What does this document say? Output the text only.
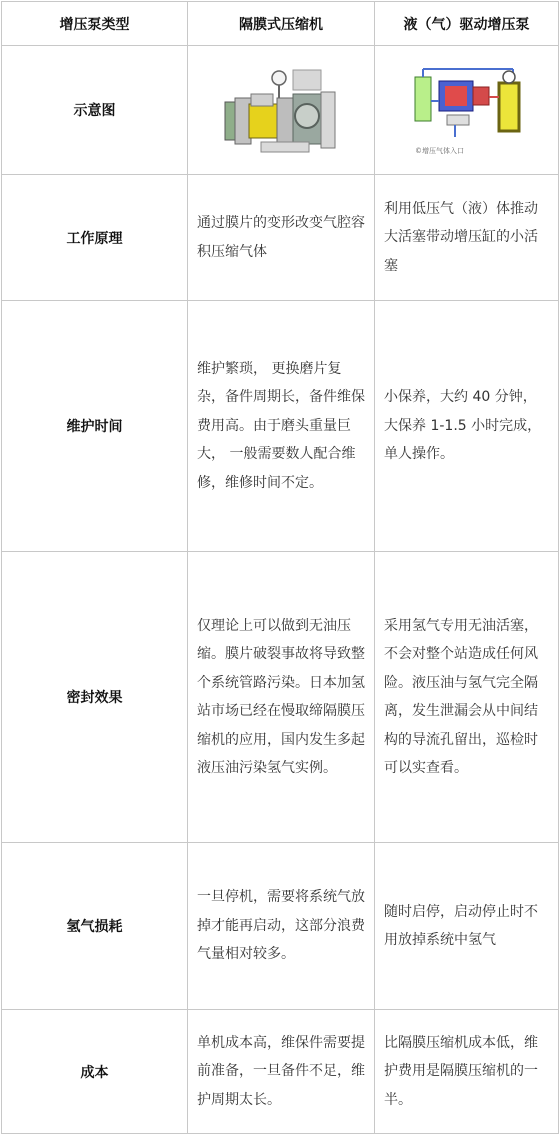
增压泵类型	隔膜式压缩机	液（气）驱动增压泵
示意图		©增压气体入口

工作原理	通过膜片的变形改变气腔容积压缩气体	利用低压气（液）体推动大活塞带动增压缸的小活塞
维护时间	维护繁琐， 更换磨片复杂，备件周期长，备件维保费用高。由于磨头重量巨大， 一般需要数人配合维修，维修时间不定。	小保养，大约 40 分钟，大保养 1-1.5 小时完成，单人操作。
密封效果	仅理论上可以做到无油压缩。膜片破裂事故将导致整个系统管路污染。日本加氢站市场已经在慢取缔隔膜压缩机的应用，国内发生多起液压油污染氢气实例。	采用氢气专用无油活塞，不会对整个站造成任何风险。液压油与氢气完全隔离，发生泄漏会从中间结构的导流孔留出，巡检时可以实查看。
氢气损耗	一旦停机，需要将系统气放掉才能再启动，这部分浪费气量相对较多。	随时启停，启动停止时不用放掉系统中氢气
成本	单机成本高，维保件需要提前准备，一旦备件不足，维护周期太长。	比隔膜压缩机成本低，维护费用是隔膜压缩机的一半。
